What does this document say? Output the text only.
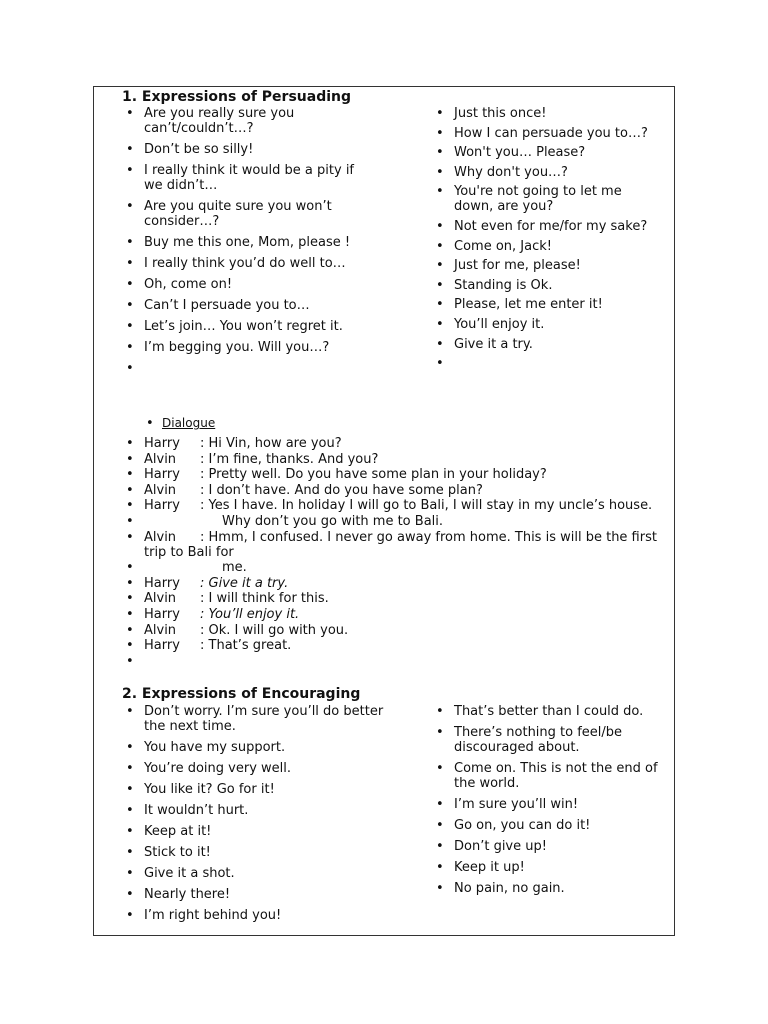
1. Expressions of Persuading
• Are you really sure you can’t/couldn’t…?
• Don’t be so silly!
• I really think it would be a pity if we didn’t…
• Are you quite sure you won’t consider…?
• Buy me this one, Mom, please !
• I really think you’d do well to…
• Oh, come on!
• Can’t I persuade you to…
• Let’s join… You won’t regret it.
• I’m begging you. Will you…?
•
• Just this once!
• How I can persuade you to…?
• Won't you… Please?
• Why don't you…?
• You're not going to let me down, are you?
• Not even for me/for my sake?
• Come on, Jack!
• Just for me, please!
• Standing is Ok.
• Please, let me enter it!
• You’ll enjoy it.
• Give it a try.
•
• Dialogue
• Harry : Hi Vin, how are you?
• Alvin : I’m fine, thanks. And you?
• Harry : Pretty well. Do you have some plan in your holiday?
• Alvin : I don’t have. And do you have some plan?
• Harry : Yes I have. In holiday I will go to Bali, I will stay in my uncle’s house.
• Why don’t you go with me to Bali.
• Alvin : Hmm, I confused. I never go away from home. This is will be the first trip to Bali for
• me.
• Harry : Give it a try.
• Alvin : I will think for this.
• Harry : You’ll enjoy it.
• Alvin : Ok. I will go with you.
• Harry : That’s great.
•
2. Expressions of Encouraging
• Don’t worry. I’m sure you’ll do better the next time.
• You have my support.
• You’re doing very well.
• You like it? Go for it!
• It wouldn’t hurt.
• Keep at it!
• Stick to it!
• Give it a shot.
• Nearly there!
• I’m right behind you!
• That’s better than I could do.
• There’s nothing to feel/be discouraged about.
• Come on. This is not the end of the world.
• I’m sure you’ll win!
• Go on, you can do it!
• Don’t give up!
• Keep it up!
• No pain, no gain.
